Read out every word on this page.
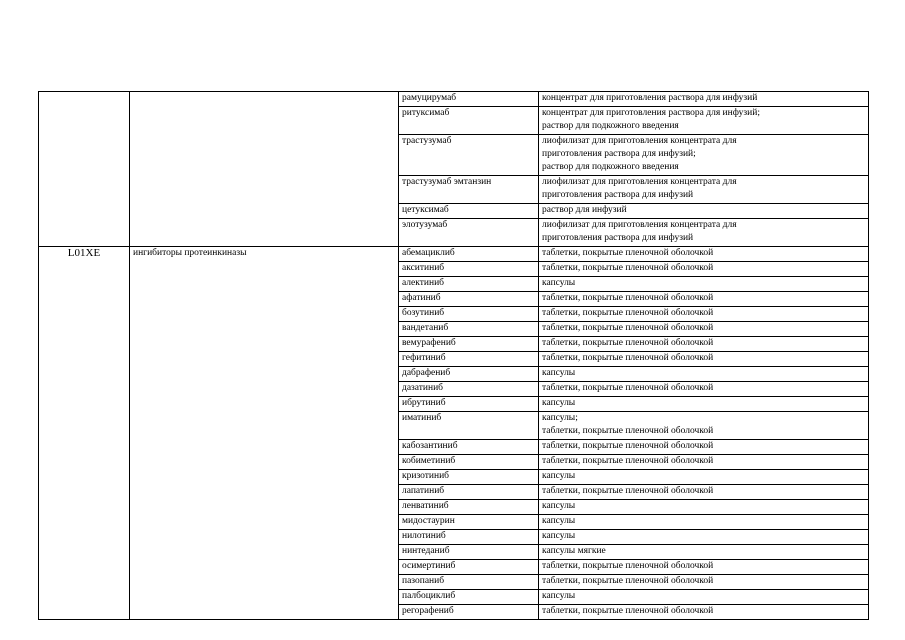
		рамуцирумаб	концентрат для приготовления раствора для инфузий

		ритуксимаб	концентрат для приготовления раствора для инфузий;
раствор для подкожного введения

		трастузумаб	лиофилизат для приготовления концентрата для
приготовления раствора для инфузий;
раствор для подкожного введения

		трастузумаб эмтанзин	лиофилизат для приготовления концентрата для
приготовления раствора для инфузий

		цетуксимаб	раствор для инфузий

		элотузумаб	лиофилизат для приготовления концентрата для
приготовления раствора для инфузий

L01XE	ингибиторы протеинкиназы	абемациклиб	таблетки, покрытые пленочной оболочкой

		акситиниб	таблетки, покрытые пленочной оболочкой

		алектиниб	капсулы

		афатиниб	таблетки, покрытые пленочной оболочкой

		бозутиниб	таблетки, покрытые пленочной оболочкой

		вандетаниб	таблетки, покрытые пленочной оболочкой

		вемурафениб	таблетки, покрытые пленочной оболочкой

		гефитиниб	таблетки, покрытые пленочной оболочкой

		дабрафениб	капсулы

		дазатиниб	таблетки, покрытые пленочной оболочкой

		ибрутиниб	капсулы

		иматиниб	капсулы;
таблетки, покрытые пленочной оболочкой

		кабозантиниб	таблетки, покрытые пленочной оболочкой

		кобиметиниб	таблетки, покрытые пленочной оболочкой

		кризотиниб	капсулы

		лапатиниб	таблетки, покрытые пленочной оболочкой

		ленватиниб	капсулы

		мидостаурин	капсулы

		нилотиниб	капсулы

		нинтеданиб	капсулы мягкие

		осимертиниб	таблетки, покрытые пленочной оболочкой

		пазопаниб	таблетки, покрытые пленочной оболочкой

		палбоциклиб	капсулы

		регорафениб	таблетки, покрытые пленочной оболочкой
